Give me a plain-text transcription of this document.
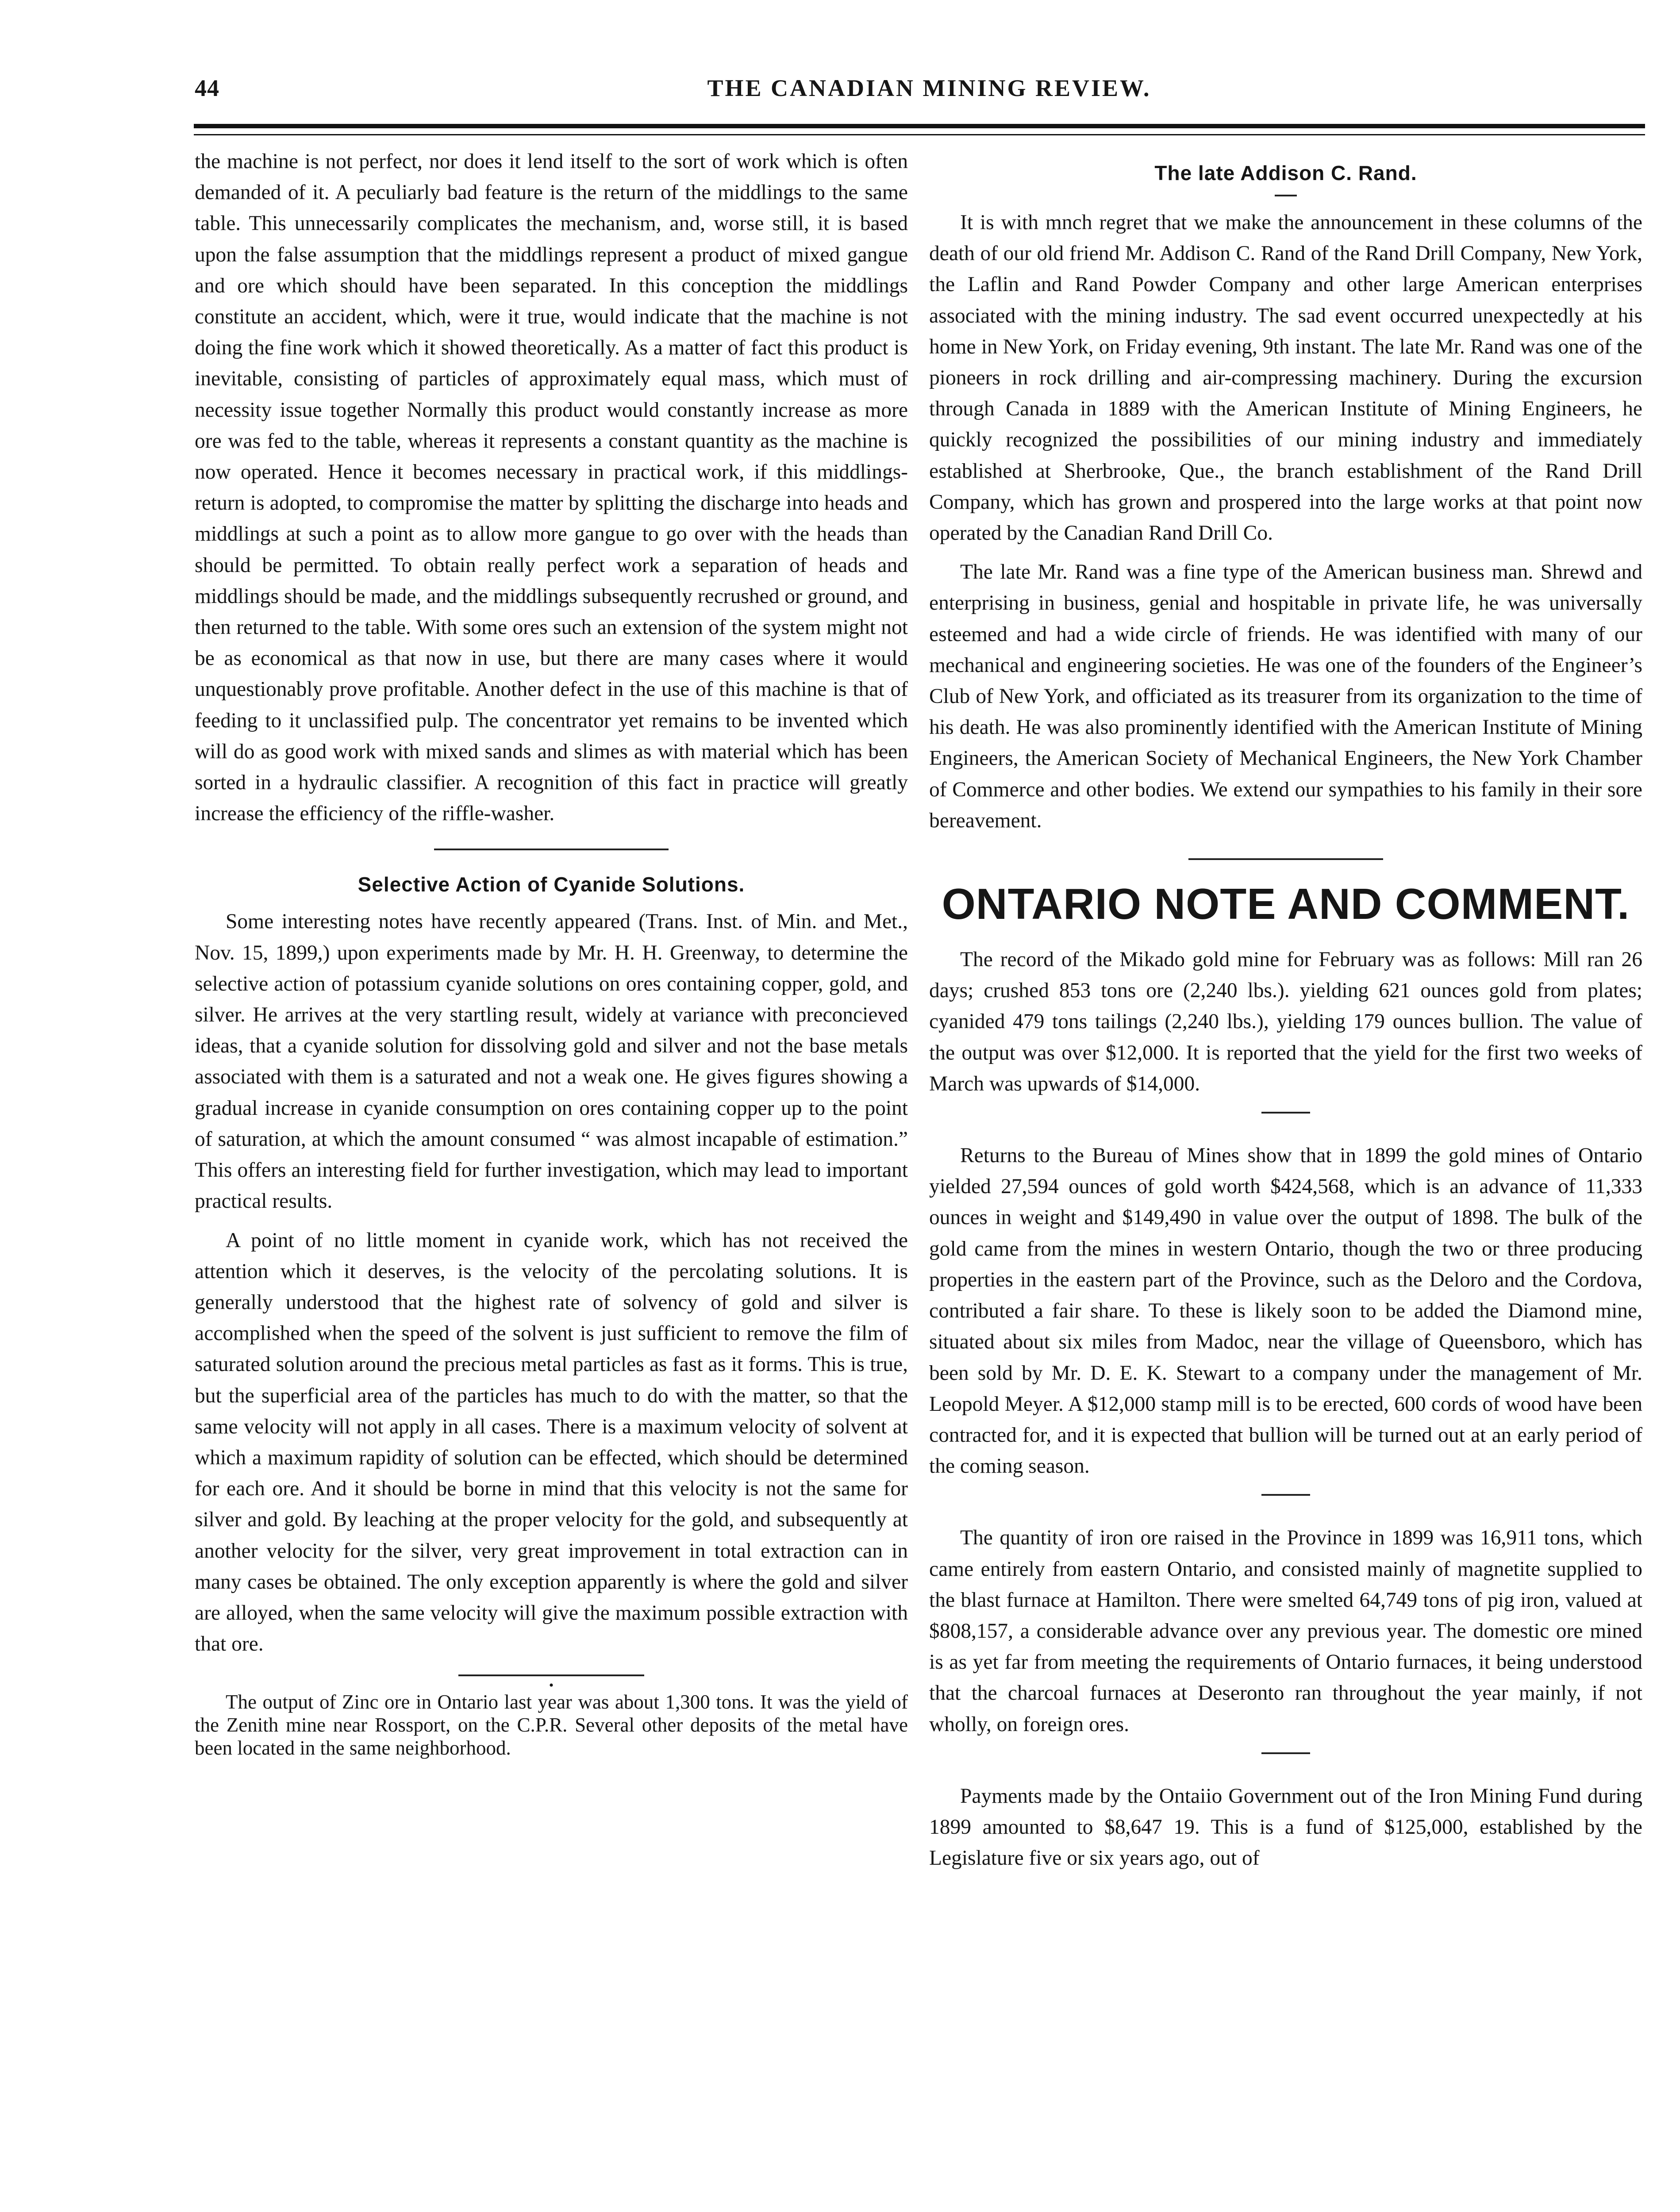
44	THE CANADIAN MINING REVIEW.

the machine is not perfect, nor does it lend itself to the sort of work which is often demanded of it. A peculiarly bad feature is the return of the middlings to the same table. This unnecessarily complicates the mechanism, and, worse still, it is based upon the false assumption that the middlings represent a product of mixed gangue and ore which should have been separated. In this conception the middlings constitute an accident, which, were it true, would indicate that the machine is not doing the fine work which it showed theoretically. As a matter of fact this product is inevitable, consisting of particles of approximately equal mass, which must of necessity issue together Normally this product would constantly increase as more ore was fed to the table, whereas it represents a constant quantity as the machine is now operated. Hence it becomes necessary in practical work, if this middlings-return is adopted, to compromise the matter by splitting the discharge into heads and middlings at such a point as to allow more gangue to go over with the heads than should be permitted. To obtain really perfect work a separation of heads and middlings should be made, and the middlings subsequently recrushed or ground, and then returned to the table. With some ores such an extension of the system might not be as economical as that now in use, but there are many cases where it would unquestionably prove profitable. Another defect in the use of this machine is that of feeding to it unclassified pulp. The concentrator yet remains to be invented which will do as good work with mixed sands and slimes as with material which has been sorted in a hydraulic classifier. A recognition of this fact in practice will greatly increase the efficiency of the riffle-washer.

Selective Action of Cyanide Solutions.

Some interesting notes have recently appeared (Trans. Inst. of Min. and Met., Nov. 15, 1899,) upon experiments made by Mr. H. H. Greenway, to determine the selective action of potassium cyanide solutions on ores containing copper, gold, and silver. He arrives at the very startling result, widely at variance with preconcieved ideas, that a cyanide solution for dissolving gold and silver and not the base metals associated with them is a saturated and not a weak one. He gives figures showing a gradual increase in cyanide consumption on ores containing copper up to the point of saturation, at which the amount consumed “ was almost incapable of estimation.” This offers an interesting field for further investigation, which may lead to important practical results.

A point of no little moment in cyanide work, which has not received the attention which it deserves, is the velocity of the percolating solutions. It is generally understood that the highest rate of solvency of gold and silver is accomplished when the speed of the solvent is just sufficient to remove the film of saturated solution around the precious metal particles as fast as it forms. This is true, but the superficial area of the particles has much to do with the matter, so that the same velocity will not apply in all cases. There is a maximum velocity of solvent at which a maximum rapidity of solution can be effected, which should be determined for each ore. And it should be borne in mind that this velocity is not the same for silver and gold. By leaching at the proper velocity for the gold, and subsequently at another velocity for the silver, very great improvement in total extraction can in many cases be obtained. The only exception apparently is where the gold and silver are alloyed, when the same velocity will give the maximum possible extraction with that ore.

•

The output of Zinc ore in Ontario last year was about 1,300 tons. It was the yield of the Zenith mine near Rossport, on the C.P.R. Several other deposits of the metal have been located in the same neighborhood.

The late Addison C. Rand.

It is with mnch regret that we make the announcement in these columns of the death of our old friend Mr. Addison C. Rand of the Rand Drill Company, New York, the Laflin and Rand Powder Company and other large American enterprises associated with the mining industry. The sad event occurred unexpectedly at his home in New York, on Friday evening, 9th instant. The late Mr. Rand was one of the pioneers in rock drilling and air-compressing machinery. During the excursion through Canada in 1889 with the American Institute of Mining Engineers, he quickly recognized the possibilities of our mining industry and immediately established at Sherbrooke, Que., the branch establishment of the Rand Drill Company, which has grown and prospered into the large works at that point now operated by the Canadian Rand Drill Co.

The late Mr. Rand was a fine type of the American business man. Shrewd and enterprising in business, genial and hospitable in private life, he was universally esteemed and had a wide circle of friends. He was identified with many of our mechanical and engineering societies. He was one of the founders of the Engineer’s Club of New York, and officiated as its treasurer from its organization to the time of his death. He was also prominently identified with the American Institute of Mining Engineers, the American Society of Mechanical Engineers, the New York Chamber of Commerce and other bodies. We extend our sympathies to his family in their sore bereavement.

ONTARIO NOTE AND COMMENT.

The record of the Mikado gold mine for February was as follows: Mill ran 26 days; crushed 853 tons ore (2,240 lbs.). yielding 621 ounces gold from plates; cyanided 479 tons tailings (2,240 lbs.), yielding 179 ounces bullion. The value of the output was over $12,000. It is reported that the yield for the first two weeks of March was upwards of $14,000.

Returns to the Bureau of Mines show that in 1899 the gold mines of Ontario yielded 27,594 ounces of gold worth $424,568, which is an advance of 11,333 ounces in weight and $149,490 in value over the output of 1898. The bulk of the gold came from the mines in western Ontario, though the two or three producing properties in the eastern part of the Province, such as the Deloro and the Cordova, contributed a fair share. To these is likely soon to be added the Diamond mine, situated about six miles from Madoc, near the village of Queensboro, which has been sold by Mr. D. E. K. Stewart to a company under the management of Mr. Leopold Meyer. A $12,000 stamp mill is to be erected, 600 cords of wood have been contracted for, and it is expected that bullion will be turned out at an early period of the coming season.

The quantity of iron ore raised in the Province in 1899 was 16,911 tons, which came entirely from eastern Ontario, and consisted mainly of magnetite supplied to the blast furnace at Hamilton. There were smelted 64,749 tons of pig iron, valued at $808,157, a considerable advance over any previous year. The domestic ore mined is as yet far from meeting the requirements of Ontario furnaces, it being understood that the charcoal furnaces at Deseronto ran throughout the year mainly, if not wholly, on foreign ores.

Payments made by the Ontaiio Government out of the Iron Mining Fund during 1899 amounted to $8,647 19. This is a fund of $125,000, established by the Legislature five or six years ago, out of
